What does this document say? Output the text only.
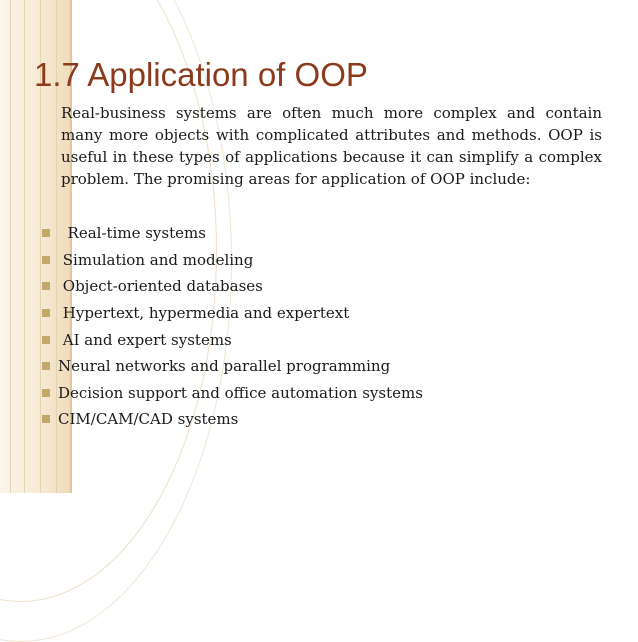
1.7 Application of OOP

Real-business systems are often much more complex and contain many more objects with complicated attributes and methods. OOP is useful in these types of applications because it can simplify a complex problem. The promising areas for application of OOP include:

Real-time systems
Simulation and modeling
Object-oriented databases
Hypertext, hypermedia and expertext
AI and expert systems
Neural networks and parallel programming
Decision support and office automation systems
CIM/CAM/CAD systems
